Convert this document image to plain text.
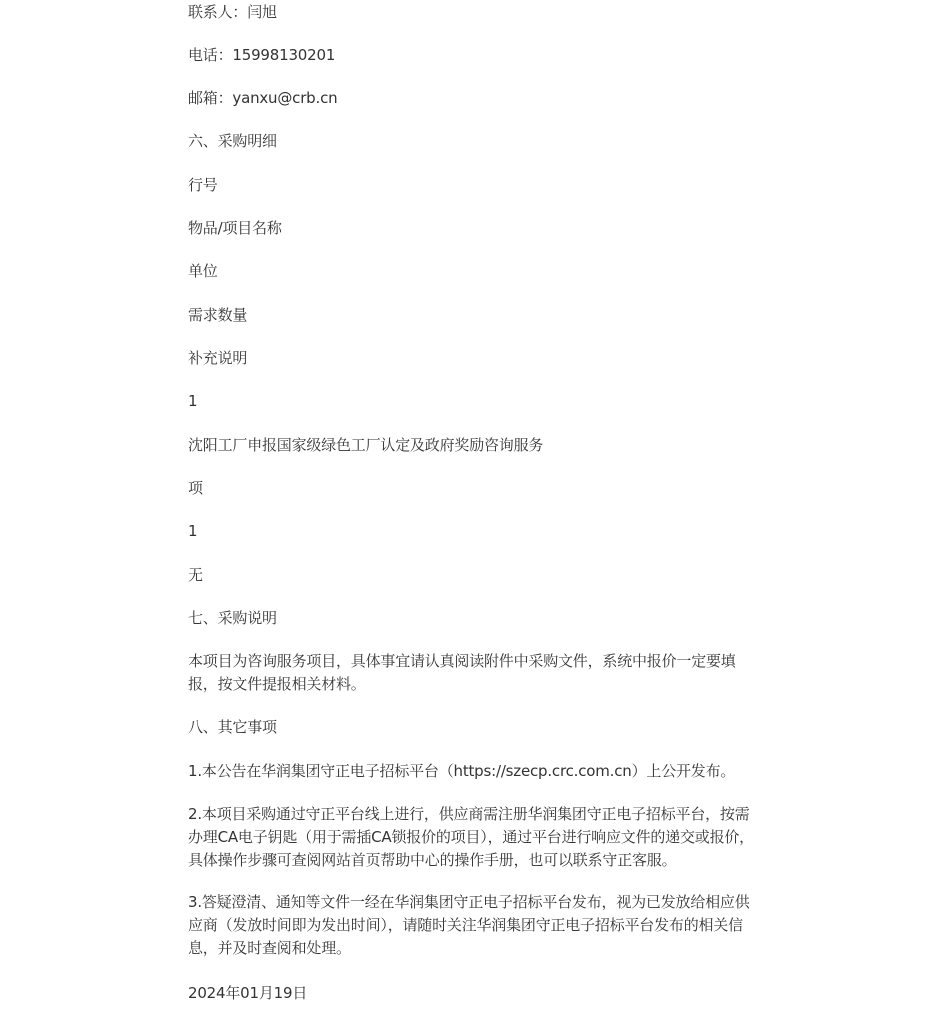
联系人：闫旭

电话：15998130201

邮箱：yanxu@crb.cn

六、采购明细

行号

物品/项目名称

单位

需求数量

补充说明

1

沈阳工厂申报国家级绿色工厂认定及政府奖励咨询服务

项

1

无

七、采购说明

本项目为咨询服务项目，具体事宜请认真阅读附件中采购文件，系统中报价一定要填报，按文件提报相关材料。

八、其它事项

1.本公告在华润集团守正电子招标平台（https://szecp.crc.com.cn）上公开发布。

2.本项目采购通过守正平台线上进行，供应商需注册华润集团守正电子招标平台，按需办理CA电子钥匙（用于需插CA锁报价的项目），通过平台进行响应文件的递交或报价，具体操作步骤可查阅网站首页帮助中心的操作手册，也可以联系守正客服。

3.答疑澄清、通知等文件一经在华润集团守正电子招标平台发布，视为已发放给相应供应商（发放时间即为发出时间），请随时关注华润集团守正电子招标平台发布的相关信息，并及时查阅和处理。

2024年01月19日
